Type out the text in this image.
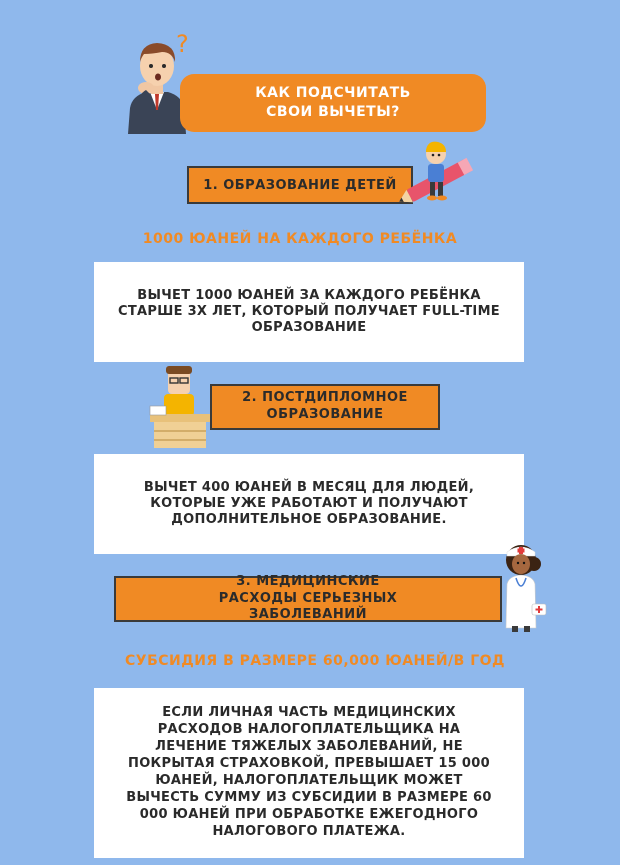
?
КАК ПОДСЧИТАТЬ СВОИ ВЫЧЕТЫ?
1. ОБРАЗОВАНИЕ ДЕТЕЙ
1000 ЮАНЕЙ НА КАЖДОГО РЕБЁНКА
ВЫЧЕТ 1000 ЮАНЕЙ ЗА КАЖДОГО РЕБЁНКА СТАРШЕ 3Х ЛЕТ, КОТОРЫЙ ПОЛУЧАЕТ FULL-TIME ОБРАЗОВАНИЕ
2. ПОСТДИПЛОМНОЕ ОБРАЗОВАНИЕ
ВЫЧЕТ 400 ЮАНЕЙ В МЕСЯЦ ДЛЯ ЛЮДЕЙ, КОТОРЫЕ УЖЕ РАБОТАЮТ И ПОЛУЧАЮТ ДОПОЛНИТЕЛЬНОЕ ОБРАЗОВАНИЕ.
3. МЕДИЦИНСКИЕ РАСХОДЫ СЕРЬЕЗНЫХ ЗАБОЛЕВАНИЙ
СУБСИДИЯ В РАЗМЕРЕ 60,000 ЮАНЕЙ/В ГОД
ЕСЛИ ЛИЧНАЯ ЧАСТЬ МЕДИЦИНСКИХ РАСХОДОВ НАЛОГОПЛАТЕЛЬЩИКА НА ЛЕЧЕНИЕ ТЯЖЕЛЫХ ЗАБОЛЕВАНИЙ, НЕ ПОКРЫТАЯ СТРАХОВКОЙ, ПРЕВЫШАЕТ 15 000 ЮАНЕЙ, НАЛОГОПЛАТЕЛЬЩИК МОЖЕТ ВЫЧЕСТЬ СУММУ ИЗ СУБСИДИИ В РАЗМЕРЕ 60 000 ЮАНЕЙ ПРИ ОБРАБОТКЕ ЕЖЕГОДНОГО НАЛОГОВОГО ПЛАТЕЖА.
